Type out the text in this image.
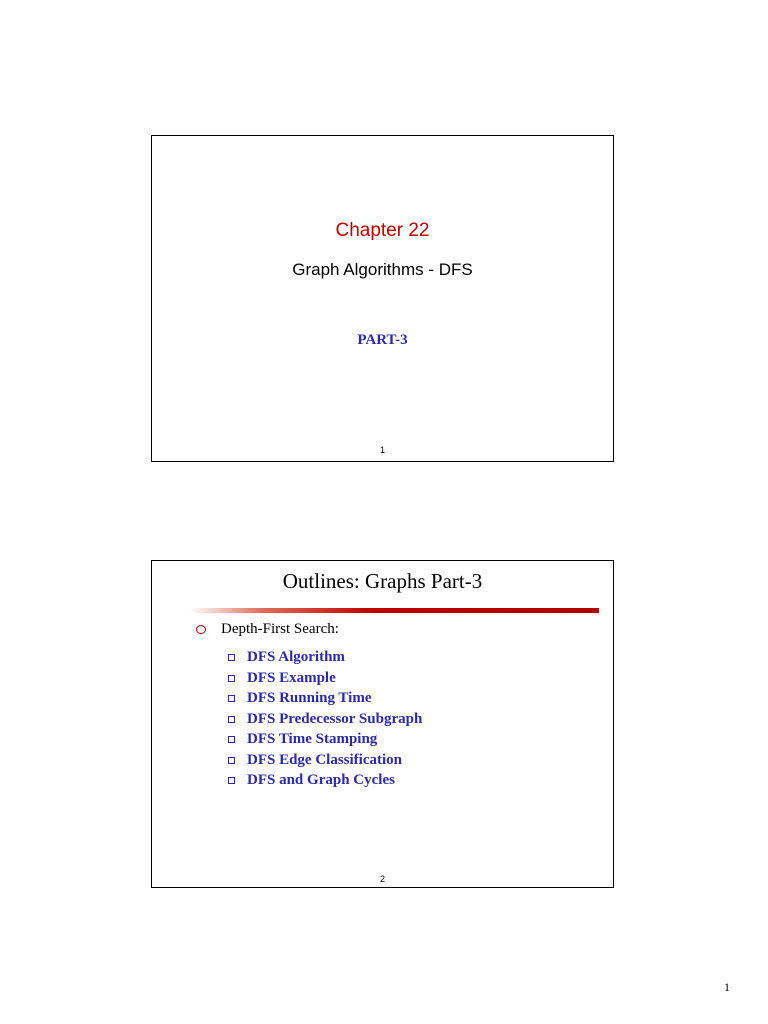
Chapter 22
Graph Algorithms - DFS
PART-3
1
Outlines: Graphs Part-3
Depth-First Search:
DFS Algorithm
DFS Example
DFS Running Time
DFS Predecessor Subgraph
DFS Time Stamping
DFS Edge Classification
DFS and Graph Cycles
2
1
